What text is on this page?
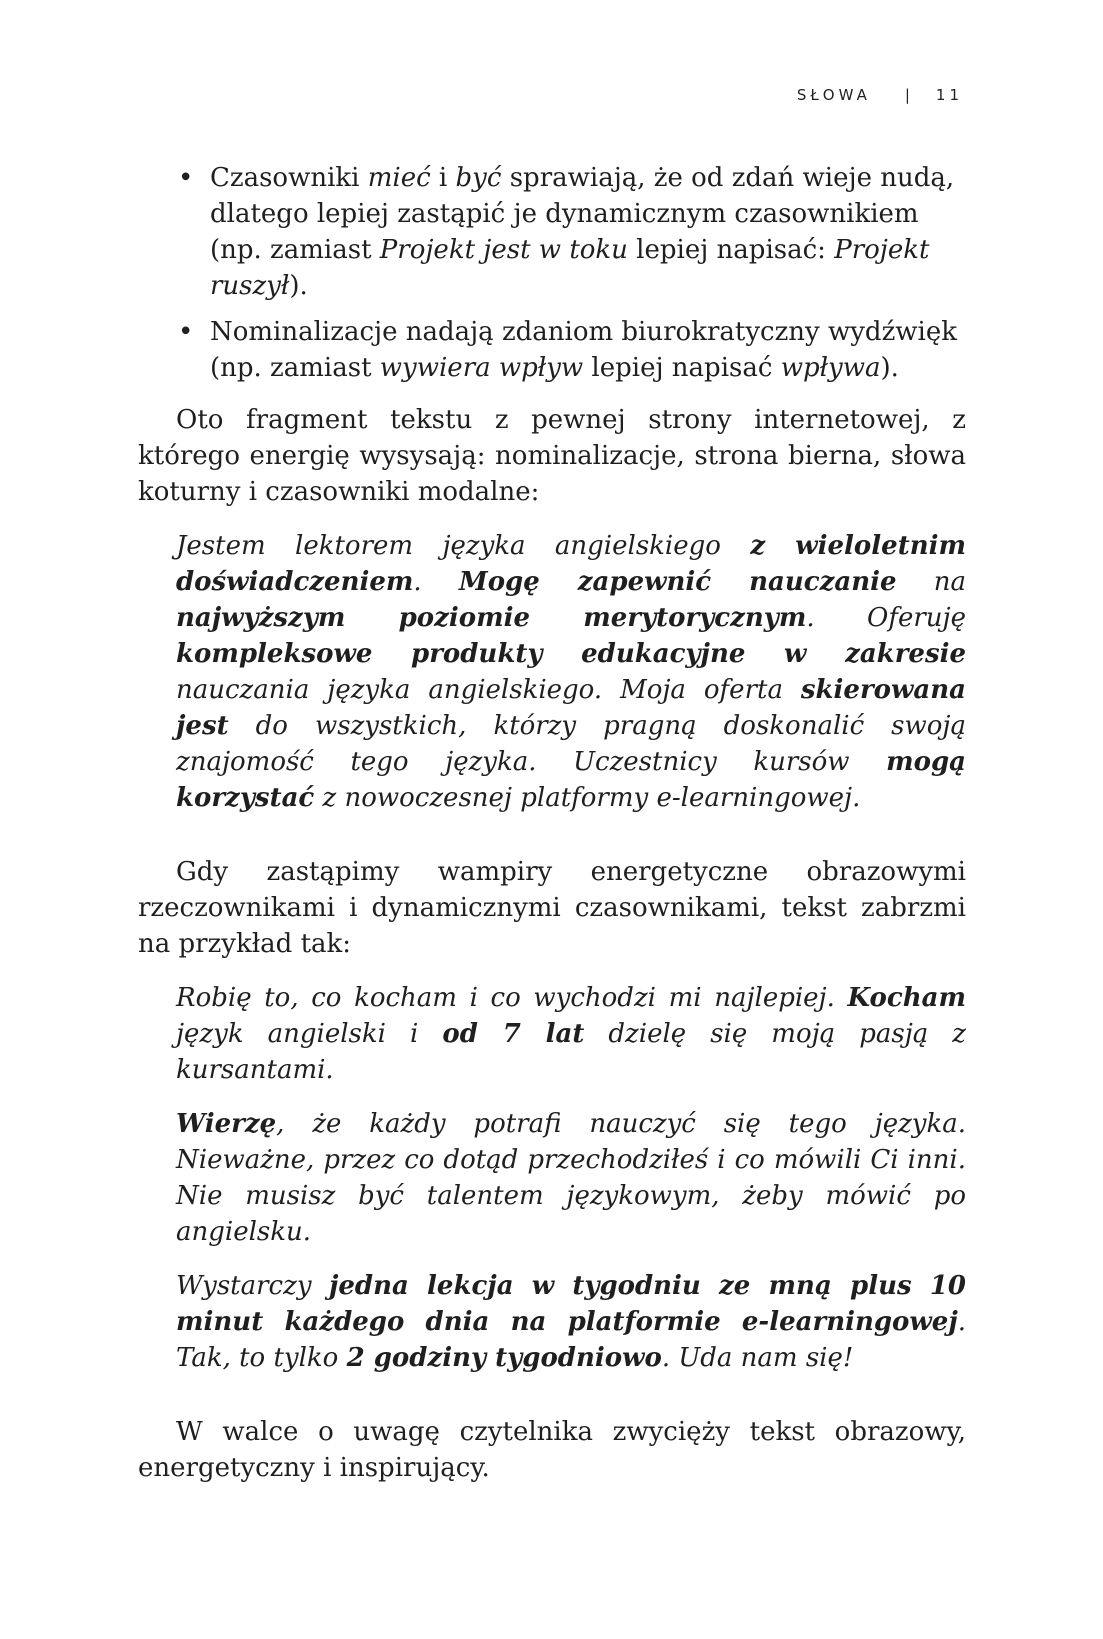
SŁOWA | 11
• Czasowniki mieć i być sprawiają, że od zdań wieje nudą, dlatego lepiej zastąpić je dynamicznym czasownikiem (np. zamiast Projekt jest w toku lepiej napisać: Projekt ruszył).
• Nominalizacje nadają zdaniom biurokratyczny wydźwięk (np. zamiast wywiera wpływ lepiej napisać wpływa).

Oto fragment tekstu z pewnej strony internetowej, z którego energię wysysają: nominalizacje, strona bierna, słowa koturny i czasowniki modalne:

Jestem lektorem języka angielskiego z wieloletnim doświadczeniem. Mogę zapewnić nauczanie na najwyższym poziomie merytorycznym. Oferuję kompleksowe produkty edukacyjne w zakresie nauczania języka angielskiego. Moja oferta skierowana jest do wszystkich, którzy pragną doskonalić swoją znajomość tego języka. Uczestnicy kursów mogą korzystać z nowoczesnej platformy e-learningowej.

Gdy zastąpimy wampiry energetyczne obrazowymi rzeczownikami i dynamicznymi czasownikami, tekst zabrzmi na przykład tak:

Robię to, co kocham i co wychodzi mi najlepiej. Kocham język angielski i od 7 lat dzielę się moją pasją z kursantami.
Wierzę, że każdy potrafi nauczyć się tego języka. Nieważne, przez co dotąd przechodziłeś i co mówili Ci inni. Nie musisz być talentem językowym, żeby mówić po angielsku.
Wystarczy jedna lekcja w tygodniu ze mną plus 10 minut każdego dnia na platformie e-learningowej. Tak, to tylko 2 godziny tygodniowo. Uda nam się!

W walce o uwagę czytelnika zwycięży tekst obrazowy, energetyczny i inspirujący.
